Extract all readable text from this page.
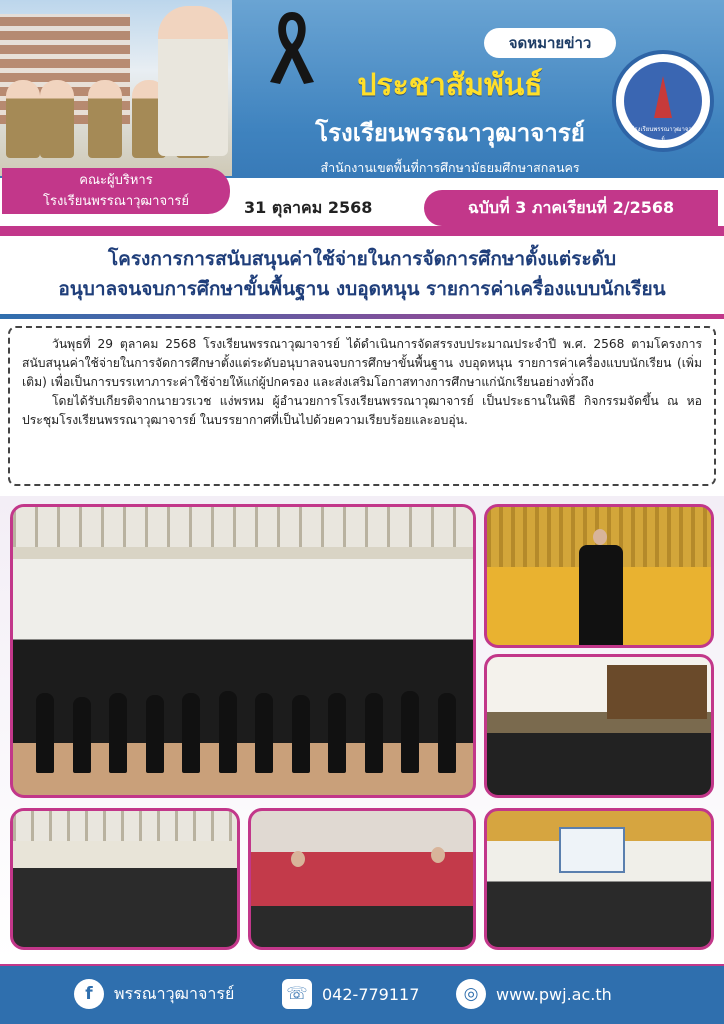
จดหมายข่าว
ประชาสัมพันธ์
โรงเรียนพรรณาวุฒาจารย์
สำนักงานเขตพื้นที่การศึกษามัธยมศึกษาสกลนคร
โรงเรียนพรรณาวุฒาจารย์
คณะผู้บริหาร
โรงเรียนพรรณาวุฒาจารย์	31 ตุลาคม 2568	ฉบับที่ 3 ภาคเรียนที่ 2/2568
โครงการการสนับสนุนค่าใช้จ่ายในการจัดการศึกษาตั้งแต่ระดับ
อนุบาลจนจบการศึกษาขั้นพื้นฐาน งบอุดหนุน รายการค่าเครื่องแบบนักเรียน

วันพุธที่ 29 ตุลาคม 2568 โรงเรียนพรรณาวุฒาจารย์ ได้ดำเนินการจัดสรรงบประมาณประจำปี พ.ศ. 2568 ตามโครงการสนับสนุนค่าใช้จ่ายในการจัดการศึกษาตั้งแต่ระดับอนุบาลจนจบการศึกษาขั้นพื้นฐาน งบอุดหนุน รายการค่าเครื่องแบบนักเรียน (เพิ่มเติม) เพื่อเป็นการบรรเทาภาระค่าใช้จ่ายให้แก่ผู้ปกครอง และส่งเสริมโอกาสทางการศึกษาแก่นักเรียนอย่างทั่วถึง

โดยได้รับเกียรติจากนายวรเวช แง่พรหม ผู้อำนวยการโรงเรียนพรรณาวุฒาจารย์ เป็นประธานในพิธี กิจกรรมจัดขึ้น ณ หอประชุมโรงเรียนพรรณาวุฒาจารย์ ในบรรยากาศที่เป็นไปด้วยความเรียบร้อยและอบอุ่น.

f	พรรณาวุฒาจารย์	☏ 042-779117	◎	www.pwj.ac.th
